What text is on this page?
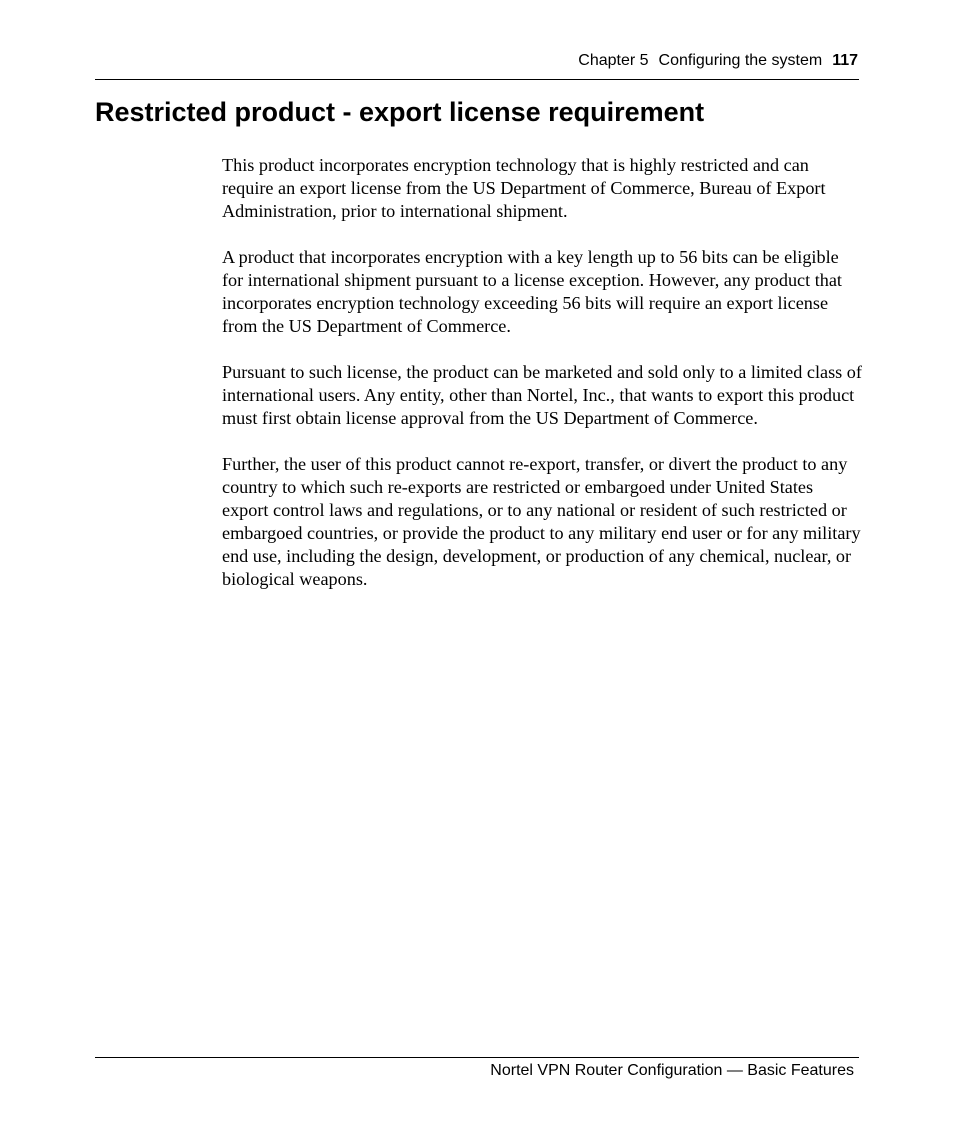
Chapter 5 Configuring the system 117
Restricted product - export license requirement

This product incorporates encryption technology that is highly restricted and can require an export license from the US Department of Commerce, Bureau of Export Administration, prior to international shipment.

A product that incorporates encryption with a key length up to 56 bits can be eligible for international shipment pursuant to a license exception. However, any product that incorporates encryption technology exceeding 56 bits will require an export license from the US Department of Commerce.

Pursuant to such license, the product can be marketed and sold only to a limited class of international users. Any entity, other than Nortel, Inc., that wants to export this product must first obtain license approval from the US Department of Commerce.

Further, the user of this product cannot re-export, transfer, or divert the product to any country to which such re-exports are restricted or embargoed under United States export control laws and regulations, or to any national or resident of such restricted or embargoed countries, or provide the product to any military end user or for any military end use, including the design, development, or production of any chemical, nuclear, or biological weapons.

Nortel VPN Router Configuration — Basic Features
